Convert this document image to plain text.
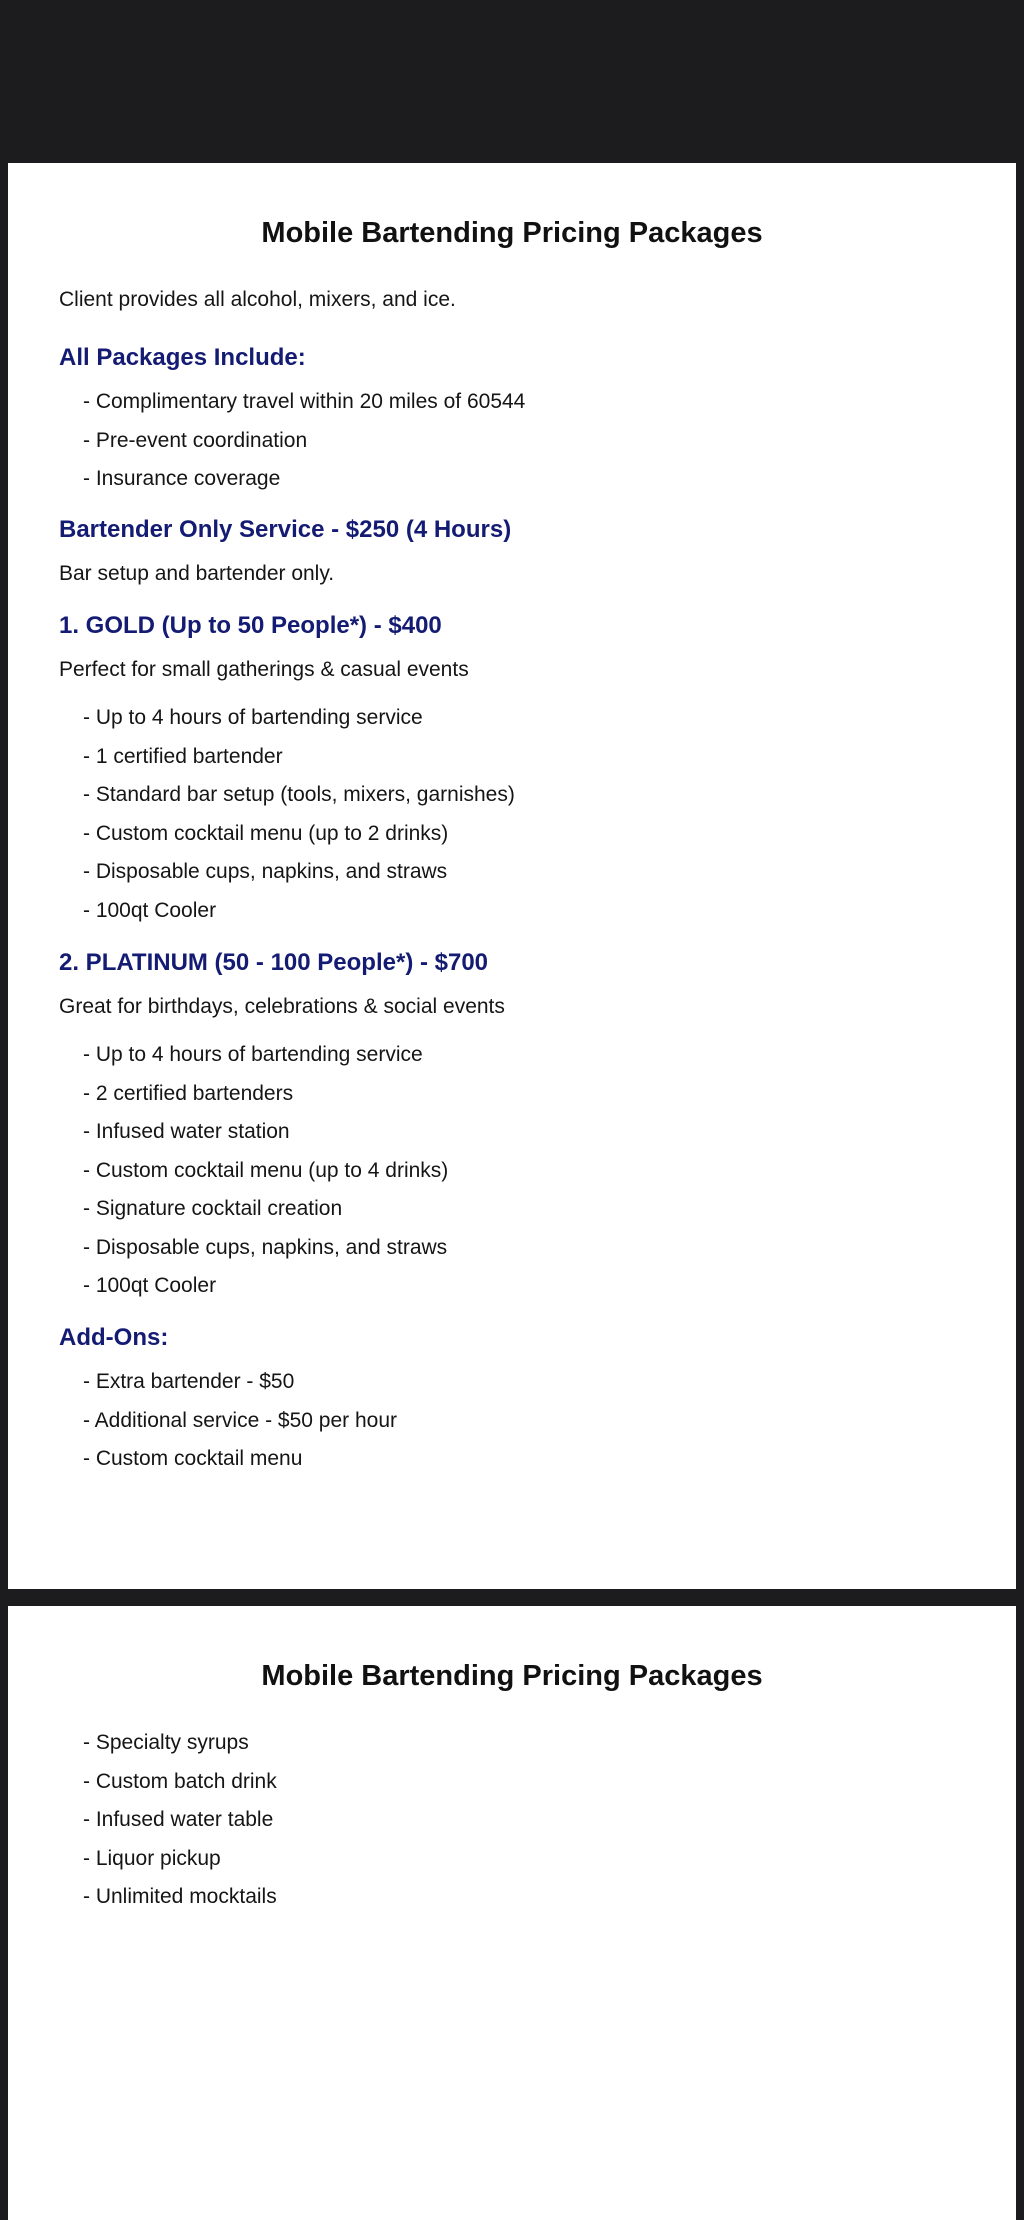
Mobile Bartending Pricing Packages

Client provides all alcohol, mixers, and ice.

All Packages Include:
- Complimentary travel within 20 miles of 60544
- Pre-event coordination
- Insurance coverage
Bartender Only Service - $250 (4 Hours)

Bar setup and bartender only.

1. GOLD (Up to 50 People*) - $400

Perfect for small gatherings & casual events

- Up to 4 hours of bartending service
- 1 certified bartender
- Standard bar setup (tools, mixers, garnishes)
- Custom cocktail menu (up to 2 drinks)
- Disposable cups, napkins, and straws
- 100qt Cooler
2. PLATINUM (50 - 100 People*) - $700

Great for birthdays, celebrations & social events

- Up to 4 hours of bartending service
- 2 certified bartenders
- Infused water station
- Custom cocktail menu (up to 4 drinks)
- Signature cocktail creation
- Disposable cups, napkins, and straws
- 100qt Cooler
Add-Ons:
- Extra bartender - $50
- Additional service - $50 per hour
- Custom cocktail menu
Mobile Bartending Pricing Packages
- Specialty syrups
- Custom batch drink
- Infused water table
- Liquor pickup
- Unlimited mocktails
